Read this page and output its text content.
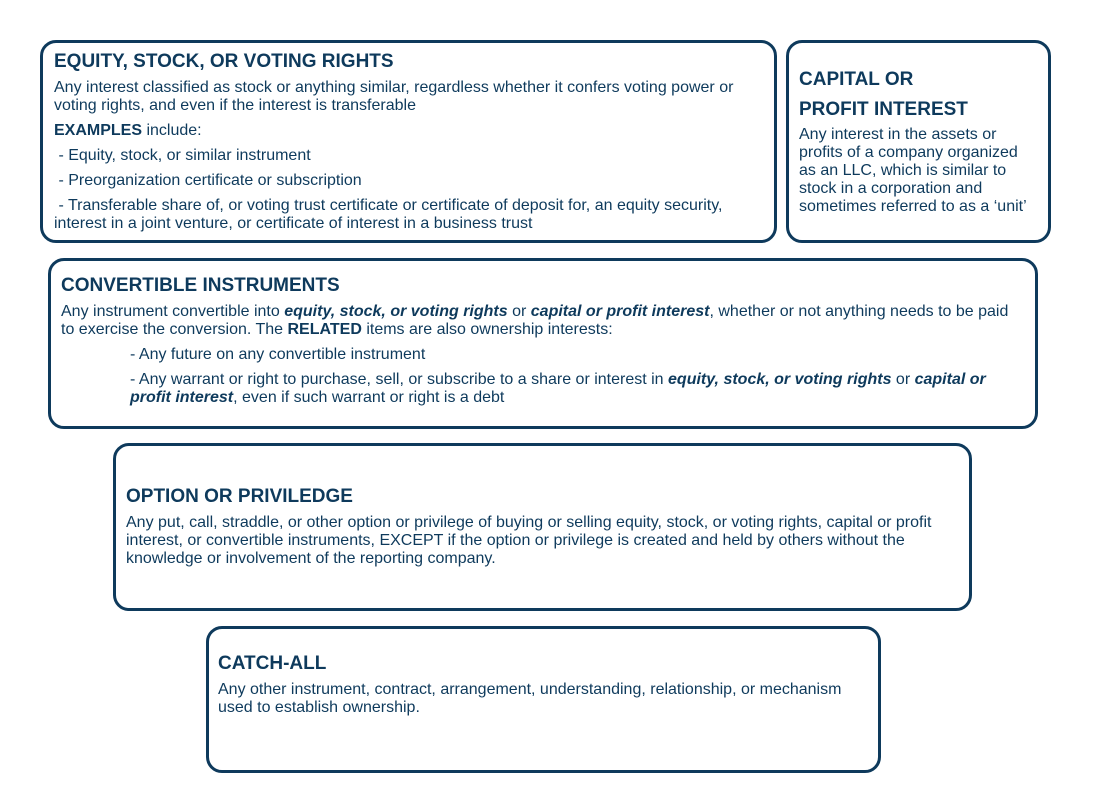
EQUITY, STOCK, OR VOTING RIGHTS
Any interest classified as stock or anything similar, regardless whether it confers voting power or voting rights, and even if the interest is transferable
EXAMPLES include:
- Equity, stock, or similar instrument
- Preorganization certificate or subscription
- Transferable share of, or voting trust certificate or certificate of deposit for, an equity security, interest in a joint venture, or certificate of interest in a business trust
CAPITAL OR
PROFIT INTEREST
Any interest in the assets or profits of a company organized as an LLC, which is similar to stock in a corporation and sometimes referred to as a ‘unit’
CONVERTIBLE INSTRUMENTS
Any instrument convertible into equity, stock, or voting rights or capital or profit interest, whether or not anything needs to be paid to exercise the conversion. The RELATED items are also ownership interests:
- Any future on any convertible instrument
- Any warrant or right to purchase, sell, or subscribe to a share or interest in equity, stock, or voting rights or capital or profit interest, even if such warrant or right is a debt
OPTION OR PRIVILEDGE
Any put, call, straddle, or other option or privilege of buying or selling equity, stock, or voting rights, capital or profit interest, or convertible instruments, EXCEPT if the option or privilege is created and held by others without the knowledge or involvement of the reporting company.
CATCH-ALL
Any other instrument, contract, arrangement, understanding, relationship, or mechanism used to establish ownership.
